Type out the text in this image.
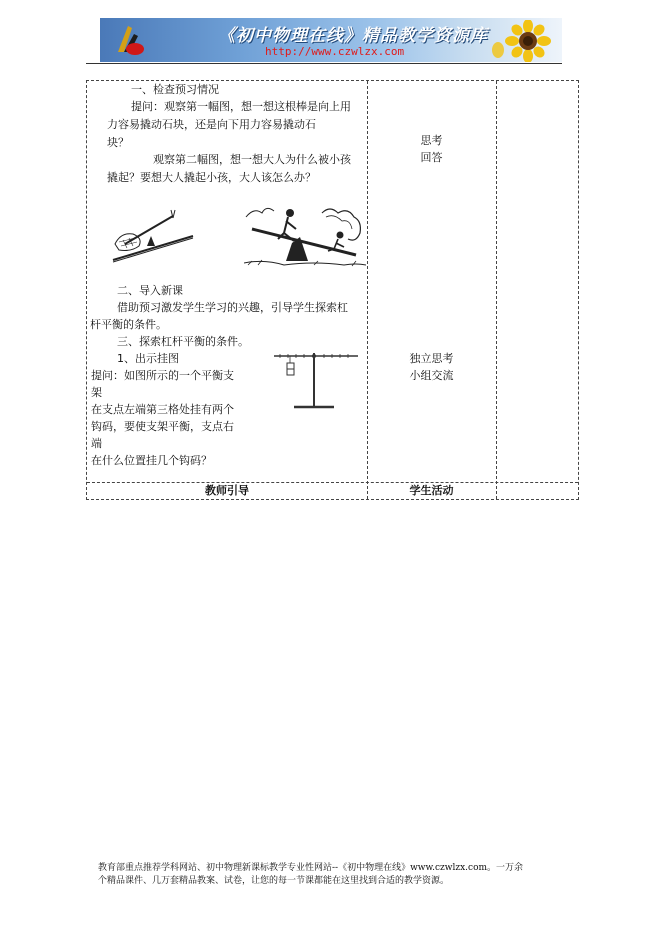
《初中物理在线》精品教学资源库
http://www.czwlzx.com
一、检查预习情况
提问：观察第一幅图，想一想这根棒是向上用
力容易撬动石块，还是向下用力容易撬动石
块？
观察第二幅图，想一想大人为什么被小孩
撬起？要想大人撬起小孩，大人该怎么办？
二、导入新课
借助预习激发学生学习的兴趣，引导学生探索杠
杆平衡的条件。
三、探索杠杆平衡的条件。
1、出示挂图
提问：如图所示的一个平衡支
架
在支点左端第三格处挂有两个
钩码，要使支架平衡，支点右
端
在什么位置挂几个钩码？
思考
回答
独立思考
小组交流
教师引导	学生活动
教育部重点推荐学科网站、初中物理新课标教学专业性网站--《初中物理在线》www.czwlzx.com。一万余
个精品课件、几万套精品教案、试卷，让您的每一节课都能在这里找到合适的教学资源。
